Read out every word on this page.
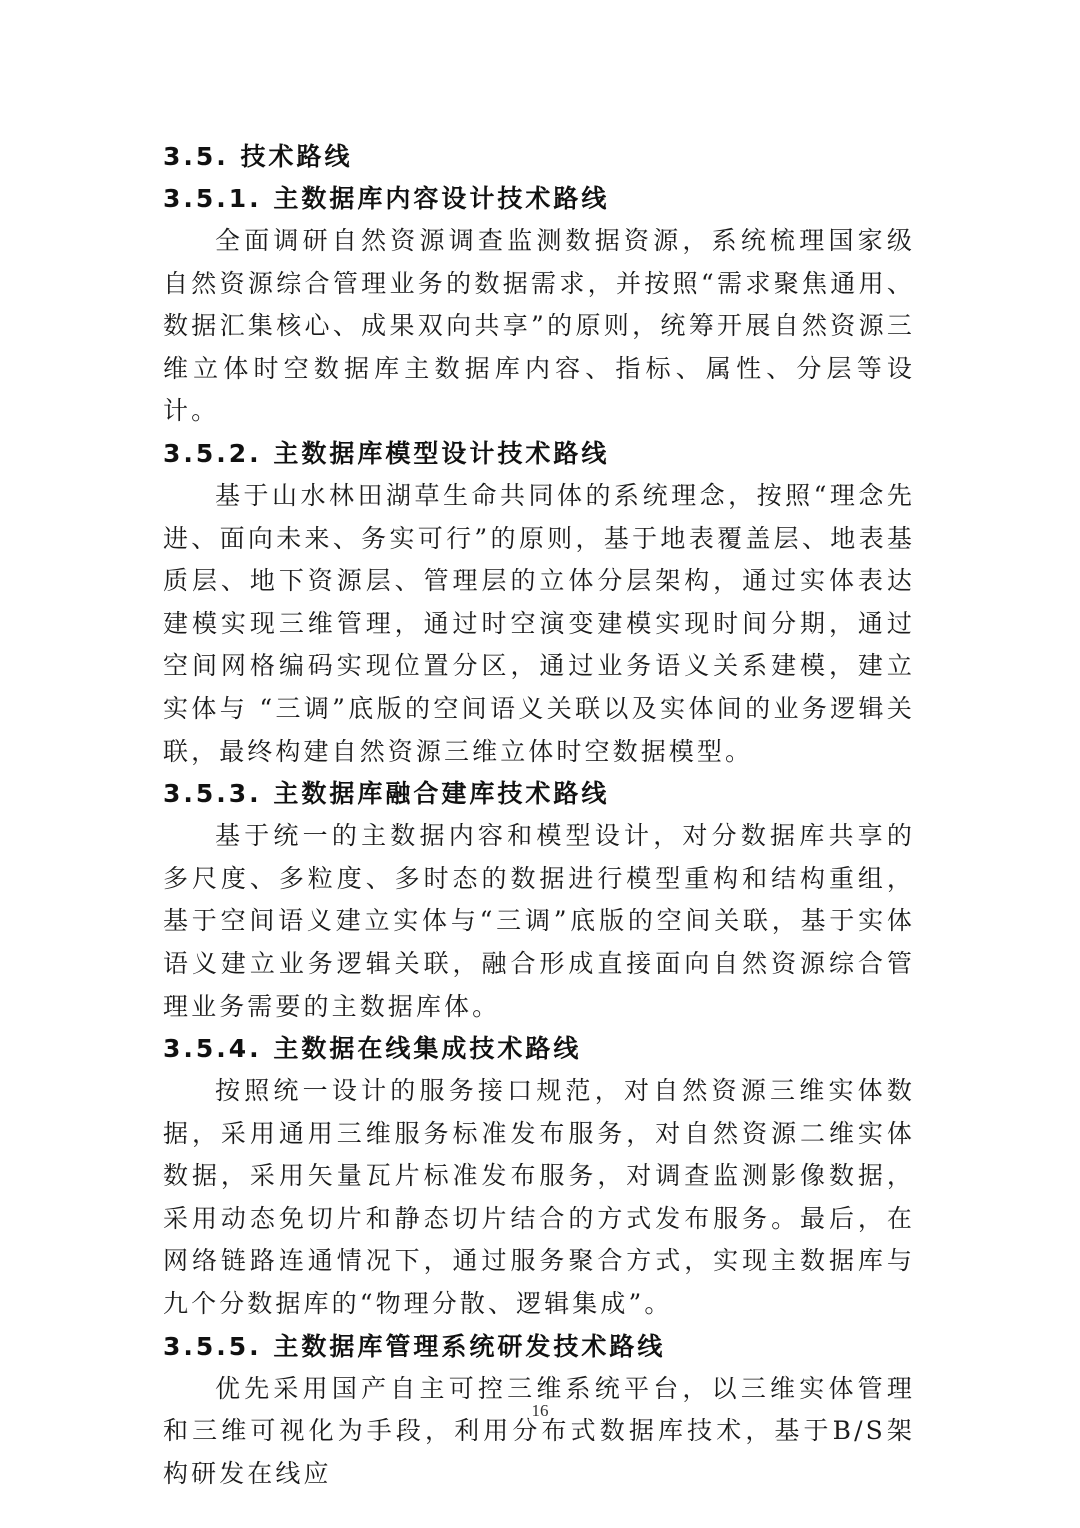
3.5. 技术路线
3.5.1. 主数据库内容设计技术路线

全面调研自然资源调查监测数据资源，系统梳理国家级自然资源综合管理业务的数据需求，并按照“需求聚焦通用、数据汇集核心、成果双向共享”的原则，统筹开展自然资源三维立体时空数据库主数据库内容、指标、属性、分层等设计。

3.5.2. 主数据库模型设计技术路线

基于山水林田湖草生命共同体的系统理念，按照“理念先进、面向未来、务实可行”的原则，基于地表覆盖层、地表基质层、地下资源层、管理层的立体分层架构，通过实体表达建模实现三维管理，通过时空演变建模实现时间分期，通过空间网格编码实现位置分区，通过业务语义关系建模，建立实体与 “三调”底版的空间语义关联以及实体间的业务逻辑关联，最终构建自然资源三维立体时空数据模型。

3.5.3. 主数据库融合建库技术路线

基于统一的主数据内容和模型设计，对分数据库共享的多尺度、多粒度、多时态的数据进行模型重构和结构重组，基于空间语义建立实体与“三调”底版的空间关联，基于实体语义建立业务逻辑关联，融合形成直接面向自然资源综合管理业务需要的主数据库体。

3.5.4. 主数据在线集成技术路线

按照统一设计的服务接口规范，对自然资源三维实体数据，采用通用三维服务标准发布服务，对自然资源二维实体数据，采用矢量瓦片标准发布服务，对调查监测影像数据，采用动态免切片和静态切片结合的方式发布服务。最后，在网络链路连通情况下，通过服务聚合方式，实现主数据库与九个分数据库的“物理分散、逻辑集成”。

3.5.5. 主数据库管理系统研发技术路线

优先采用国产自主可控三维系统平台，以三维实体管理和三维可视化为手段，利用分布式数据库技术，基于B/S架构研发在线应

16
